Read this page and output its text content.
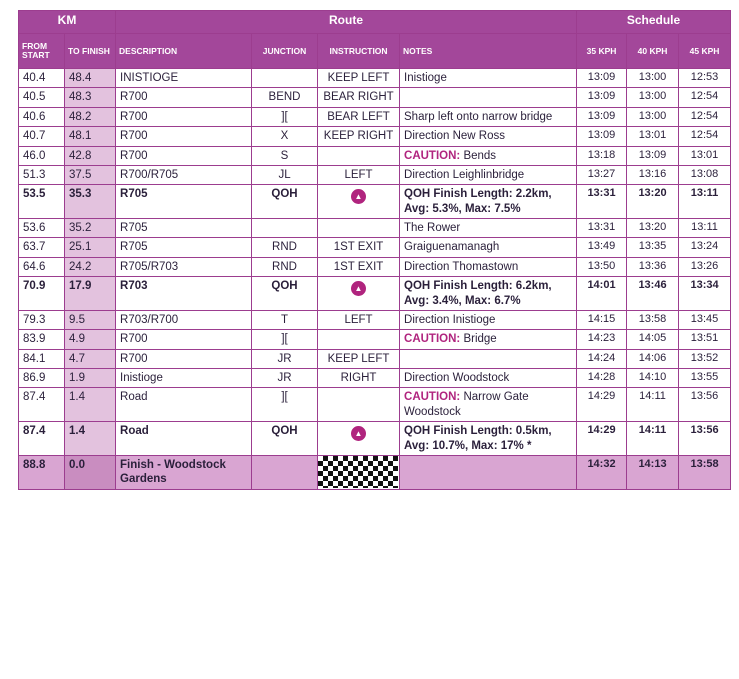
KM		Route				Schedule		
FROM START	TO FINISH	DESCRIPTION	JUNCTION	INSTRUCTION	NOTES	35 KPH	40 KPH	45 KPH
40.4	48.4	INISTIOGE		KEEP LEFT	Inistioge	13:09	13:00	12:53
40.5	48.3	R700	BEND	BEAR RIGHT		13:09	13:00	12:54
40.6	48.2	R700	][	BEAR LEFT	Sharp left onto narrow bridge	13:09	13:00	12:54
40.7	48.1	R700	X	KEEP RIGHT	Direction New Ross	13:09	13:01	12:54
46.0	42.8	R700	S		CAUTION: Bends	13:18	13:09	13:01
51.3	37.5	R700/R705	JL	LEFT	Direction Leighlinbridge	13:27	13:16	13:08
53.5	35.3	R705	QOH	▲	QOH Finish Length: 2.2km, Avg: 5.3%, Max: 7.5%	13:31	13:20	13:11
53.6	35.2	R705			The Rower	13:31	13:20	13:11
63.7	25.1	R705	RND	1ST EXIT	Graiguenamanagh	13:49	13:35	13:24
64.6	24.2	R705/R703	RND	1ST EXIT	Direction Thomastown	13:50	13:36	13:26
70.9	17.9	R703	QOH	▲	QOH Finish Length: 6.2km, Avg: 3.4%, Max: 6.7%	14:01	13:46	13:34
79.3	9.5	R703/R700	T	LEFT	Direction Inistioge	14:15	13:58	13:45
83.9	4.9	R700	][		CAUTION: Bridge	14:23	14:05	13:51
84.1	4.7	R700	JR	KEEP LEFT		14:24	14:06	13:52
86.9	1.9	Inistioge	JR	RIGHT	Direction Woodstock	14:28	14:10	13:55
87.4	1.4	Road	][		CAUTION: Narrow Gate Woodstock	14:29	14:11	13:56
87.4	1.4	Road	QOH	▲	QOH Finish Length: 0.5km, Avg: 10.7%, Max: 17% *	14:29	14:11	13:56
88.8	0.0	Finish - Woodstock Gardens				14:32	14:13	13:58
